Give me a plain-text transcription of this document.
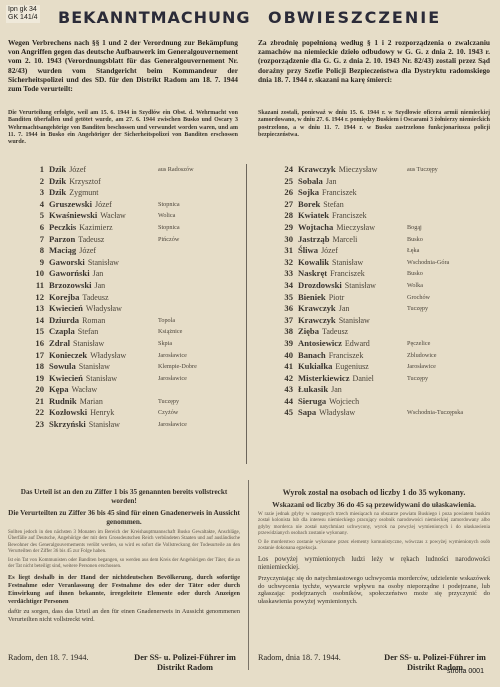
Ipn gk 34
GK 141/4 BEKANNTMACHUNG OBWIESZCZENIE
Wegen Verbrechens nach §§ 1 und 2 der Verordnung zur Bekämpfung von Angriffen gegen das deutsche Aufbauwerk im Generalgouvernement vom 2. 10. 1943 (Verordnungsblatt für das Generalgouvernement Nr. 82/43) wurden vom Standgericht beim Kommandeur der Sicherheitspolizei und des SD. für den Distrikt Radom am 18. 7. 1944 zum Tode verurteilt:
Za zbrodnię popełnioną według § 1 i 2 rozporządzenia o zwalczaniu zamachów na niemieckie dzieło odbudowy w G. G. z dnia 2. 10. 1943 r. (rozporządzenie dla G. G. z dnia 2. 10. 1943 Nr. 82/43) zostali przez Sąd doraźny przy Szefie Policji Bezpieczeństwa dla Dystryktu radomskiego dnia 18. 7. 1944 r. skazani na karę śmierci:
Die Verurteilung erfolgte, weil am 15. 6. 1944 in Szydłów ein Obst. d. Wehrmacht von Banditen überfallen und getötet wurde, am 27. 6. 1944 zwischen Busko und Oscary 3 Wehrmachtsangehörige von Banditen beschossen und verwundet worden waren, und am 11. 7. 1944 in Busko ein Angehöriger der Sicherheitspolizei von Banditen erschossen wurde.
Skazani zostali, ponieważ w dniu 15. 6. 1944 r. w Szydłowie oficera armii niemieckiej zamordowano, w dniu 27. 6. 1944 r. pomiędzy Buskiem i Oscarami 3 żołnierzy niemieckich postrzelono, a w dniu 11. 7. 1944 r. w Busku zastrzelono funkcjonariusza policji bezpieczeństwa.
1 Dzik Józef	aus Radoszów
2 Dzik Krzysztof
3 Dzik Zygmunt
4 Gruszewski Józef	Stopnica
5 Kwaśniewski Wacław	Wolica
6 Peczkis Kazimierz	Stopnica
7 Parzon Tadeusz	Pińczów
8 Maciąg Józef
9 Gaworski Stanisław
10 Gaworński Jan
11 Brzozowski Jan
12 Korejba Tadeusz
13 Kwiecień Władysław
14 Dziurda Roman	Topola
15 Czapla Stefan	Książnice
16 Zdral Stanisław	Skpia
17 Konieczek Władysław	Jarosławice
18 Sowula Stanisław	Klempie-Dobre
19 Kwiecień Stanisław	Jarosławice
20 Kępa Wacław
21 Rudnik Marian	Tuczępy
22 Kozłowski Henryk	Czyżów
23 Skrzyński Stanisław	Jarosławice
24 Krawczyk Mieczysław	aus Tuczępy
25 Sobala Jan
26 Sojka Franciszek
27 Borek Stefan
28 Kwiatek Franciszek
29 Wojtacha Mieczysław	Bogąj
30 Jastrząb Marceli	Busko
31 Śliwa Józef	Łęka
32 Kowalik Stanisław	Wschodnia-Góra
33 Naskręt Franciszek	Busko
34 Drozdowski Stanisław	Wolka
35 Bieniek Piotr	Grochów
36 Krawczyk Jan	Tuczępy
37 Krawczyk Stanisław
38 Zięba Tadeusz
39 Antosiewicz Edward	Pęczelice
40 Banach Franciszek	Zbludowice
41 Kukiałka Eugeniusz	Jarosławice
42 Misterkiewicz Daniel	Tuczępy
43 Łukasik Jan
44 Sieruga Wojciech
45 Sapa Władysław	Wschodnia-Tuczępska
Das Urteil ist an den zu Ziffer 1 bis 35 genannten bereits vollstreckt worden!
Die Verurteilten zu Ziffer 36 bis 45 sind für einen Gnadenerweis in Aussicht genommen.
Sollten jedoch in den nächsten 3 Monaten im Bereich der Kreishauptmannschaft Busko Gewaltakte, Anschläge, Überfälle auf Deutsche, Angehörige der mit dem Grossdeutschen Reich verbündeten Staaten und auf ausländische Bewohner des Generalgouvernements verübt werden, so wird es sofort die Vollstreckung der Todesurteile an den Verurteilten der Ziffer 36 bis 45 zur Folge haben.
Ist ein Tat von Kommunisten oder Banditen begangen, so werden aus dem Kreis der Angehörigen der Täter, die an der Tat nicht beteiligt sind, weitere Personen erschossen.
Es liegt deshalb in der Hand der nichtdeutschen Bevölkerung, durch sofortige Festnahme oder Veranlassung der Festnahme des oder der Täter oder durch Einwirkung auf ihnen bekannte, irregeleitete Elemente oder durch Anzeigen verdächtiger Personen
dafür zu sorgen, dass das Urteil an den für einen Gnadenerweis in Aussicht genommenen Verurteilten nicht vollstreckt wird.
Wyrok został na osobach od liczby 1 do 35 wykonany.
Wskazani od liczby 36 do 45 są przewidywani do ułaskawienia.
W razie jednak gdyby w następnych trzech miesiącach na obszarze powiatu Buskiego i poza powiatem buskim został kolonista lub dla interesu niemieckiego pracujący osobnik narodowości niemieckiej zamordowany albo gdyby morderca nie został natychmiast uchwycony, wyrok na powyżej wymienionych i do ułaskawienia przewidzianych osobach zostanie wykonany.
O ile morderstwo zostanie wykonane przez elementy komunistyczne, wówczas z powyżej wymienionych osób zostanie dokonana egzekucja.
Los powyżej wymienionych ludzi leży w rękach ludności narodowości nieniemieckiej.
Przyczyniając się do natychmiastowego uchwycenia morderców, udzielenie wskazówek do uchwycenia tychże, wywarcie wpływu na osoby nieporządne i podejrzane, lub zgłaszając podejrzanych osobników, społeczeństwo może się przyczynić do ułaskawienia powyżej wymienionych.
Radom, den 18. 7. 1944.	Der SS- u. Polizei-Führer im Distrikt Radom
Radom, dnia 18. 7. 1944.	Der SS- u. Polizei-Führer im Distrikt Radom
strona 0001
